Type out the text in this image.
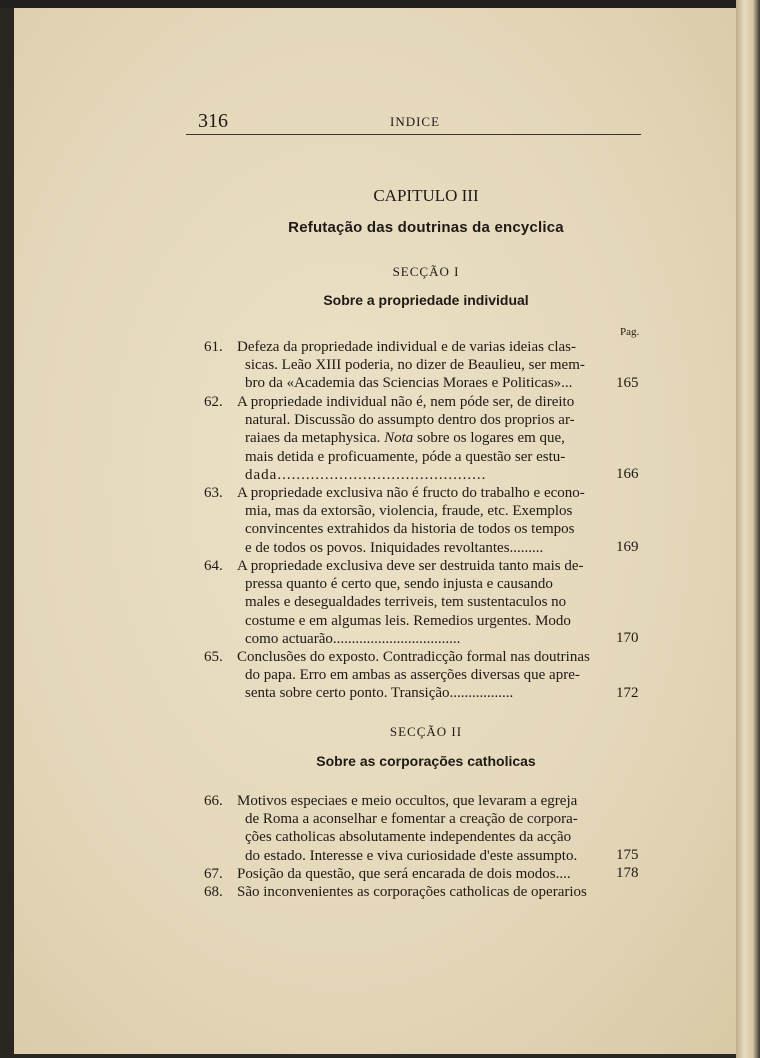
316	INDICE
CAPITULO III
Refutação das doutrinas da encyclica
SECÇÃO I
Sobre a propriedade individual
Pag.
61. Defeza da propriedade individual e de varias ideias clas-
sicas. Leão XIII poderia, no dizer de Beaulieu, ser mem-
bro da «Academia das Sciencias Moraes e Politicas»...	165
62. A propriedade individual não é, nem póde ser, de direito
natural. Discussão do assumpto dentro dos proprios ar-
raiaes da metaphysica. Nota sobre os logares em que,
mais detida e proficuamente, póde a questão ser estu-
dada............................................	166
63. A propriedade exclusiva não é fructo do trabalho e econo-
mia, mas da extorsão, violencia, fraude, etc. Exemplos
convincentes extrahidos da historia de todos os tempos
e de todos os povos. Iniquidades revoltantes.........	169
64. A propriedade exclusiva deve ser destruida tanto mais de-
pressa quanto é certo que, sendo injusta e causando
males e desegualdades terriveis, tem sustentaculos no
costume e em algumas leis. Remedios urgentes. Modo
como actuarão..................................	170
65. Conclusões do exposto. Contradicção formal nas doutrinas
do papa. Erro em ambas as asserções diversas que apre-
senta sobre certo ponto. Transição.................	172
SECÇÃO II
Sobre as corporações catholicas
66. Motivos especiaes e meio occultos, que levaram a egreja
de Roma a aconselhar e fomentar a creação de corpora-
ções catholicas absolutamente independentes da acção
do estado. Interesse e viva curiosidade d'este assumpto.	175
67. Posição da questão, que será encarada de dois modos....	178
68. São inconvenientes as corporações catholicas de operarios
